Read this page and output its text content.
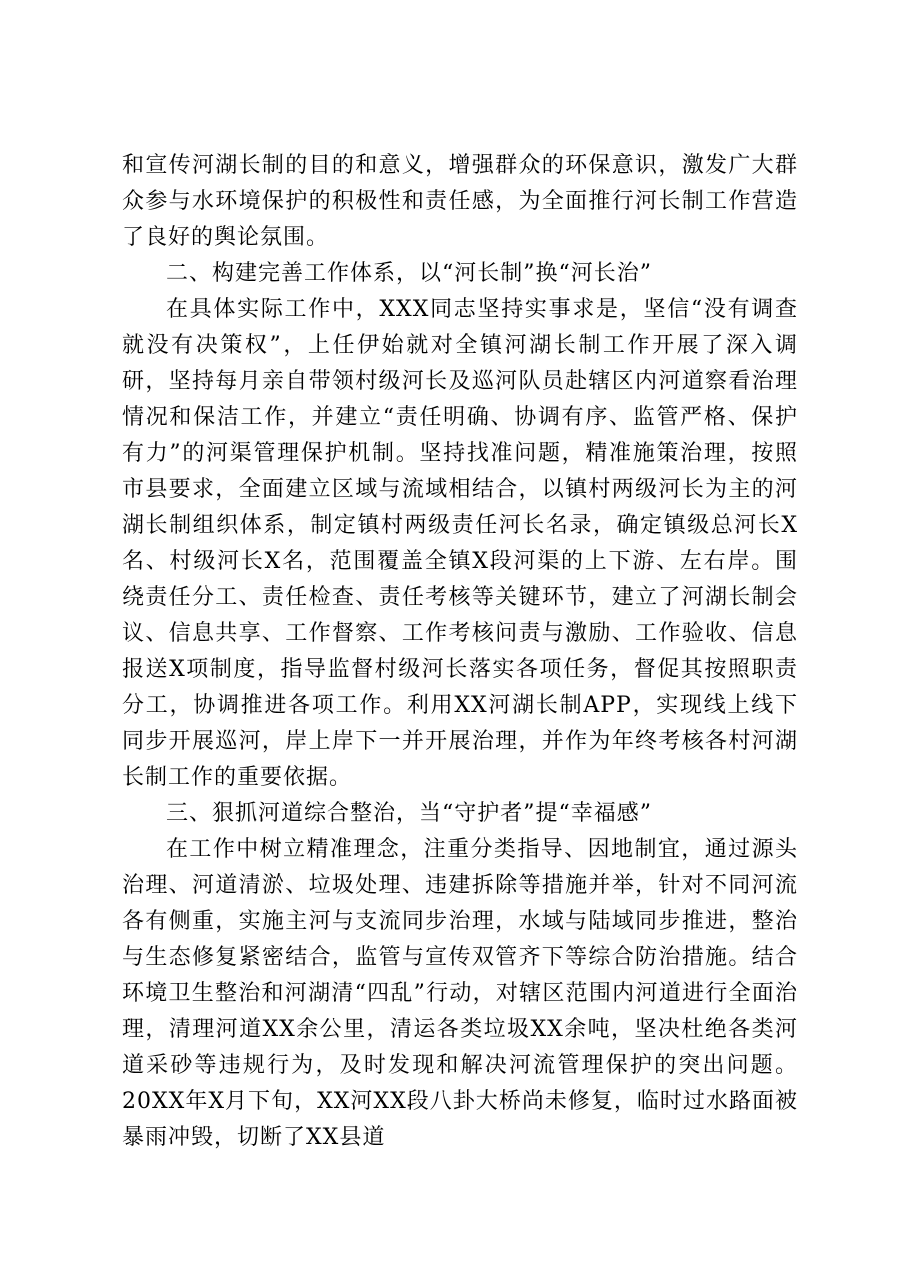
和宣传河湖长制的目的和意义，增强群众的环保意识，激发广大群众参与水环境保护的积极性和责任感，为全面推行河长制工作营造了良好的舆论氛围。

二、构建完善工作体系，以“河长制”换“河长治”

在具体实际工作中，XXX同志坚持实事求是，坚信“没有调查就没有决策权”，上任伊始就对全镇河湖长制工作开展了深入调研，坚持每月亲自带领村级河长及巡河队员赴辖区内河道察看治理情况和保洁工作，并建立“责任明确、协调有序、监管严格、保护有力”的河渠管理保护机制。坚持找准问题，精准施策治理，按照市县要求，全面建立区域与流域相结合，以镇村两级河长为主的河湖长制组织体系，制定镇村两级责任河长名录，确定镇级总河长X名、村级河长X名，范围覆盖全镇X段河渠的上下游、左右岸。围绕责任分工、责任检查、责任考核等关键环节，建立了河湖长制会议、信息共享、工作督察、工作考核问责与激励、工作验收、信息报送X项制度，指导监督村级河长落实各项任务，督促其按照职责分工，协调推进各项工作。利用XX河湖长制APP，实现线上线下同步开展巡河，岸上岸下一并开展治理，并作为年终考核各村河湖长制工作的重要依据。

三、狠抓河道综合整治，当“守护者”提“幸福感”

在工作中树立精准理念，注重分类指导、因地制宜，通过源头治理、河道清淤、垃圾处理、违建拆除等措施并举，针对不同河流各有侧重，实施主河与支流同步治理，水域与陆域同步推进，整治与生态修复紧密结合，监管与宣传双管齐下等综合防治措施。结合环境卫生整治和河湖清“四乱”行动，对辖区范围内河道进行全面治理，清理河道XX余公里，清运各类垃圾XX余吨，坚决杜绝各类河道采砂等违规行为，及时发现和解决河流管理保护的突出问题。20XX年X月下旬，XX河XX段八卦大桥尚未修复，临时过水路面被暴雨冲毁，切断了XX县道
